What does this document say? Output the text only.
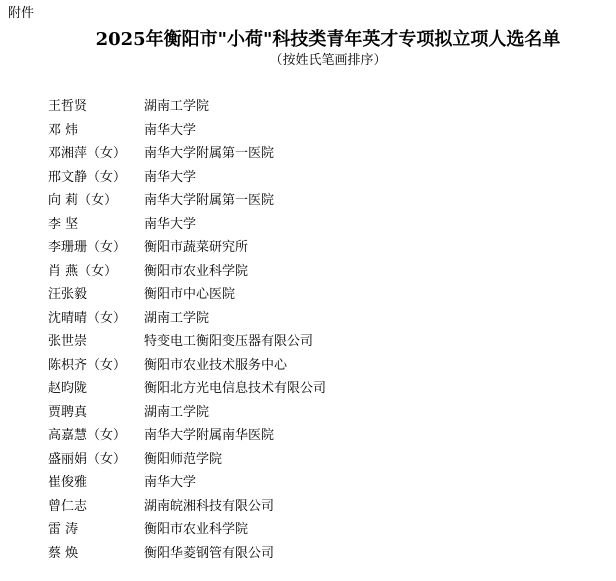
附件
2025年衡阳市"小荷"科技类青年英才专项拟立项人选名单
（按姓氏笔画排序）
王哲贤	湖南工学院
邓 炜	南华大学
邓湘萍（女） 南华大学附属第一医院
邢文静（女） 南华大学
向 莉（女） 南华大学附属第一医院
李 坚	南华大学
李珊珊（女） 衡阳市蔬菜研究所
肖 燕（女） 衡阳市农业科学院
汪张毅	衡阳市中心医院
沈晴晴（女） 湖南工学院
张世崇	特变电工衡阳变压器有限公司
陈枳齐（女） 衡阳市农业技术服务中心
赵昀陇	衡阳北方光电信息技术有限公司
贾聘真	湖南工学院
高嘉慧（女） 南华大学附属南华医院
盛丽娟（女） 衡阳师范学院
崔俊雅	南华大学
曾仁志	湖南皖湘科技有限公司
雷 涛	衡阳市农业科学院
蔡 焕	衡阳华菱钢管有限公司
